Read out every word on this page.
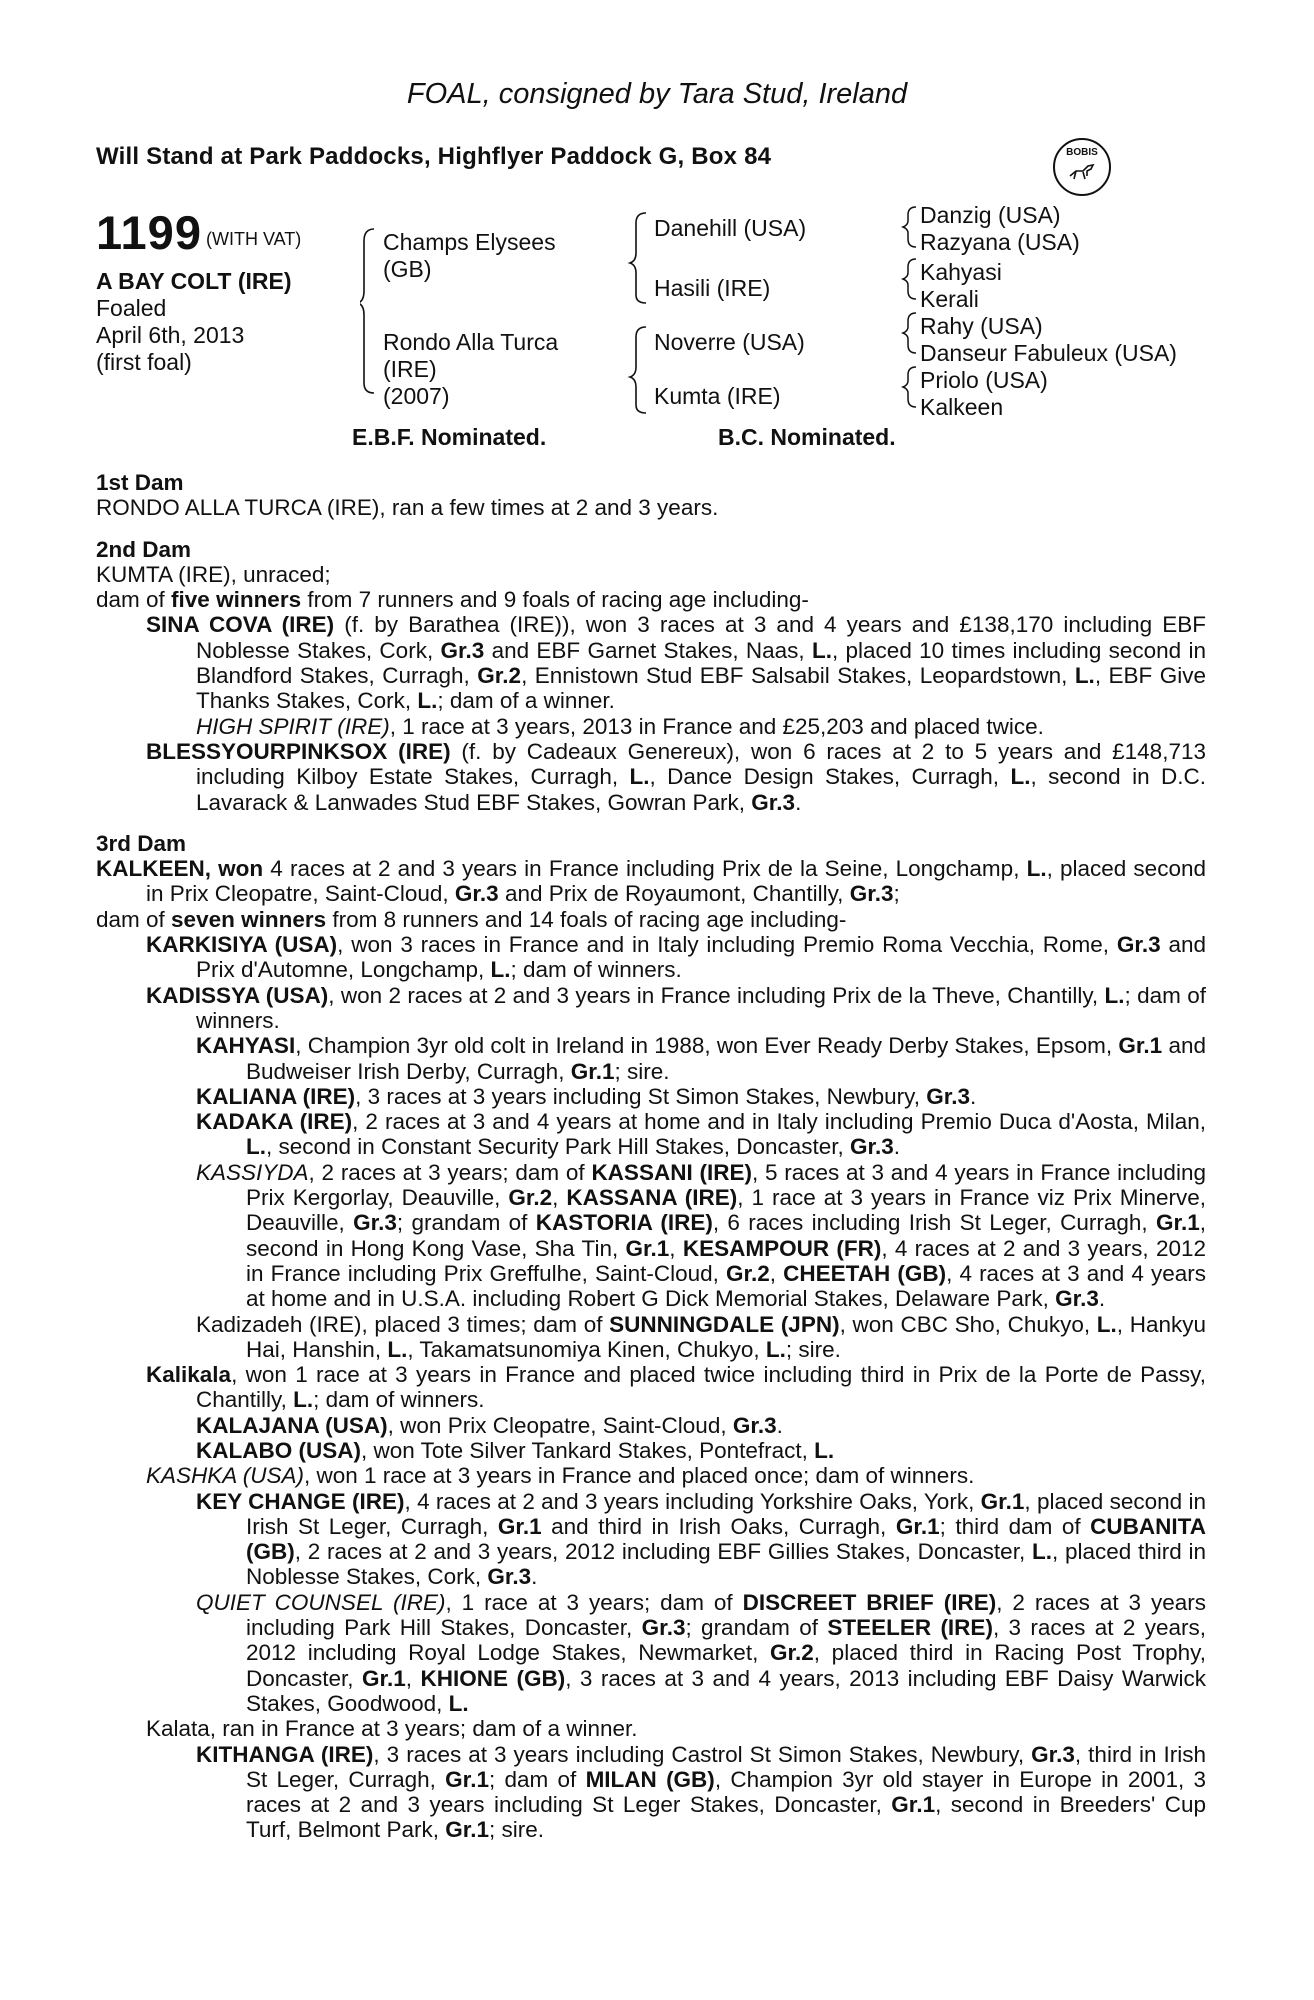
FOAL, consigned by Tara Stud, Ireland
Will Stand at Park Paddocks, Highflyer Paddock G, Box 84	BOBIS
1199 (WITH VAT)
A BAY COLT (IRE)
Foaled
April 6th, 2013
(first foal)
Champs Elysees
(GB)
Rondo Alla Turca
(IRE)
(2007)
Danehill (USA)
Hasili (IRE)
Noverre (USA)
Kumta (IRE)
Danzig (USA)
Razyana (USA)
Kahyasi
Kerali
Rahy (USA)
Danseur Fabuleux (USA)
Priolo (USA)
Kalkeen
E.B.F. Nominated.	B.C. Nominated.

1st Dam

RONDO ALLA TURCA (IRE), ran a few times at 2 and 3 years.

2nd Dam

KUMTA (IRE), unraced;

dam of five winners from 7 runners and 9 foals of racing age including-

SINA COVA (IRE) (f. by Barathea (IRE)), won 3 races at 3 and 4 years and £138,170 including EBF Noblesse Stakes, Cork, Gr.3 and EBF Garnet Stakes, Naas, L., placed 10 times including second in Blandford Stakes, Curragh, Gr.2, Ennistown Stud EBF Salsabil Stakes, Leopardstown, L., EBF Give Thanks Stakes, Cork, L.; dam of a winner.

HIGH SPIRIT (IRE), 1 race at 3 years, 2013 in France and £25,203 and placed twice.

BLESSYOURPINKSOX (IRE) (f. by Cadeaux Genereux), won 6 races at 2 to 5 years and £148,713 including Kilboy Estate Stakes, Curragh, L., Dance Design Stakes, Curragh, L., second in D.C. Lavarack & Lanwades Stud EBF Stakes, Gowran Park, Gr.3.

3rd Dam

KALKEEN, won 4 races at 2 and 3 years in France including Prix de la Seine, Longchamp, L., placed second in Prix Cleopatre, Saint-Cloud, Gr.3 and Prix de Royaumont, Chantilly, Gr.3;

dam of seven winners from 8 runners and 14 foals of racing age including-

KARKISIYA (USA), won 3 races in France and in Italy including Premio Roma Vecchia, Rome, Gr.3 and Prix d'Automne, Longchamp, L.; dam of winners.

KADISSYA (USA), won 2 races at 2 and 3 years in France including Prix de la Theve, Chantilly, L.; dam of winners.

KAHYASI, Champion 3yr old colt in Ireland in 1988, won Ever Ready Derby Stakes, Epsom, Gr.1 and Budweiser Irish Derby, Curragh, Gr.1; sire.

KALIANA (IRE), 3 races at 3 years including St Simon Stakes, Newbury, Gr.3.

KADAKA (IRE), 2 races at 3 and 4 years at home and in Italy including Premio Duca d'Aosta, Milan, L., second in Constant Security Park Hill Stakes, Doncaster, Gr.3.

KASSIYDA, 2 races at 3 years; dam of KASSANI (IRE), 5 races at 3 and 4 years in France including Prix Kergorlay, Deauville, Gr.2, KASSANA (IRE), 1 race at 3 years in France viz Prix Minerve, Deauville, Gr.3; grandam of KASTORIA (IRE), 6 races including Irish St Leger, Curragh, Gr.1, second in Hong Kong Vase, Sha Tin, Gr.1, KESAMPOUR (FR), 4 races at 2 and 3 years, 2012 in France including Prix Greffulhe, Saint-Cloud, Gr.2, CHEETAH (GB), 4 races at 3 and 4 years at home and in U.S.A. including Robert G Dick Memorial Stakes, Delaware Park, Gr.3.

Kadizadeh (IRE), placed 3 times; dam of SUNNINGDALE (JPN), won CBC Sho, Chukyo, L., Hankyu Hai, Hanshin, L., Takamatsunomiya Kinen, Chukyo, L.; sire.

Kalikala, won 1 race at 3 years in France and placed twice including third in Prix de la Porte de Passy, Chantilly, L.; dam of winners.

KALAJANA (USA), won Prix Cleopatre, Saint-Cloud, Gr.3.

KALABO (USA), won Tote Silver Tankard Stakes, Pontefract, L.

KASHKA (USA), won 1 race at 3 years in France and placed once; dam of winners.

KEY CHANGE (IRE), 4 races at 2 and 3 years including Yorkshire Oaks, York, Gr.1, placed second in Irish St Leger, Curragh, Gr.1 and third in Irish Oaks, Curragh, Gr.1; third dam of CUBANITA (GB), 2 races at 2 and 3 years, 2012 including EBF Gillies Stakes, Doncaster, L., placed third in Noblesse Stakes, Cork, Gr.3.

QUIET COUNSEL (IRE), 1 race at 3 years; dam of DISCREET BRIEF (IRE), 2 races at 3 years including Park Hill Stakes, Doncaster, Gr.3; grandam of STEELER (IRE), 3 races at 2 years, 2012 including Royal Lodge Stakes, Newmarket, Gr.2, placed third in Racing Post Trophy, Doncaster, Gr.1, KHIONE (GB), 3 races at 3 and 4 years, 2013 including EBF Daisy Warwick Stakes, Goodwood, L.

Kalata, ran in France at 3 years; dam of a winner.

KITHANGA (IRE), 3 races at 3 years including Castrol St Simon Stakes, Newbury, Gr.3, third in Irish St Leger, Curragh, Gr.1; dam of MILAN (GB), Champion 3yr old stayer in Europe in 2001, 3 races at 2 and 3 years including St Leger Stakes, Doncaster, Gr.1, second in Breeders' Cup Turf, Belmont Park, Gr.1; sire.
